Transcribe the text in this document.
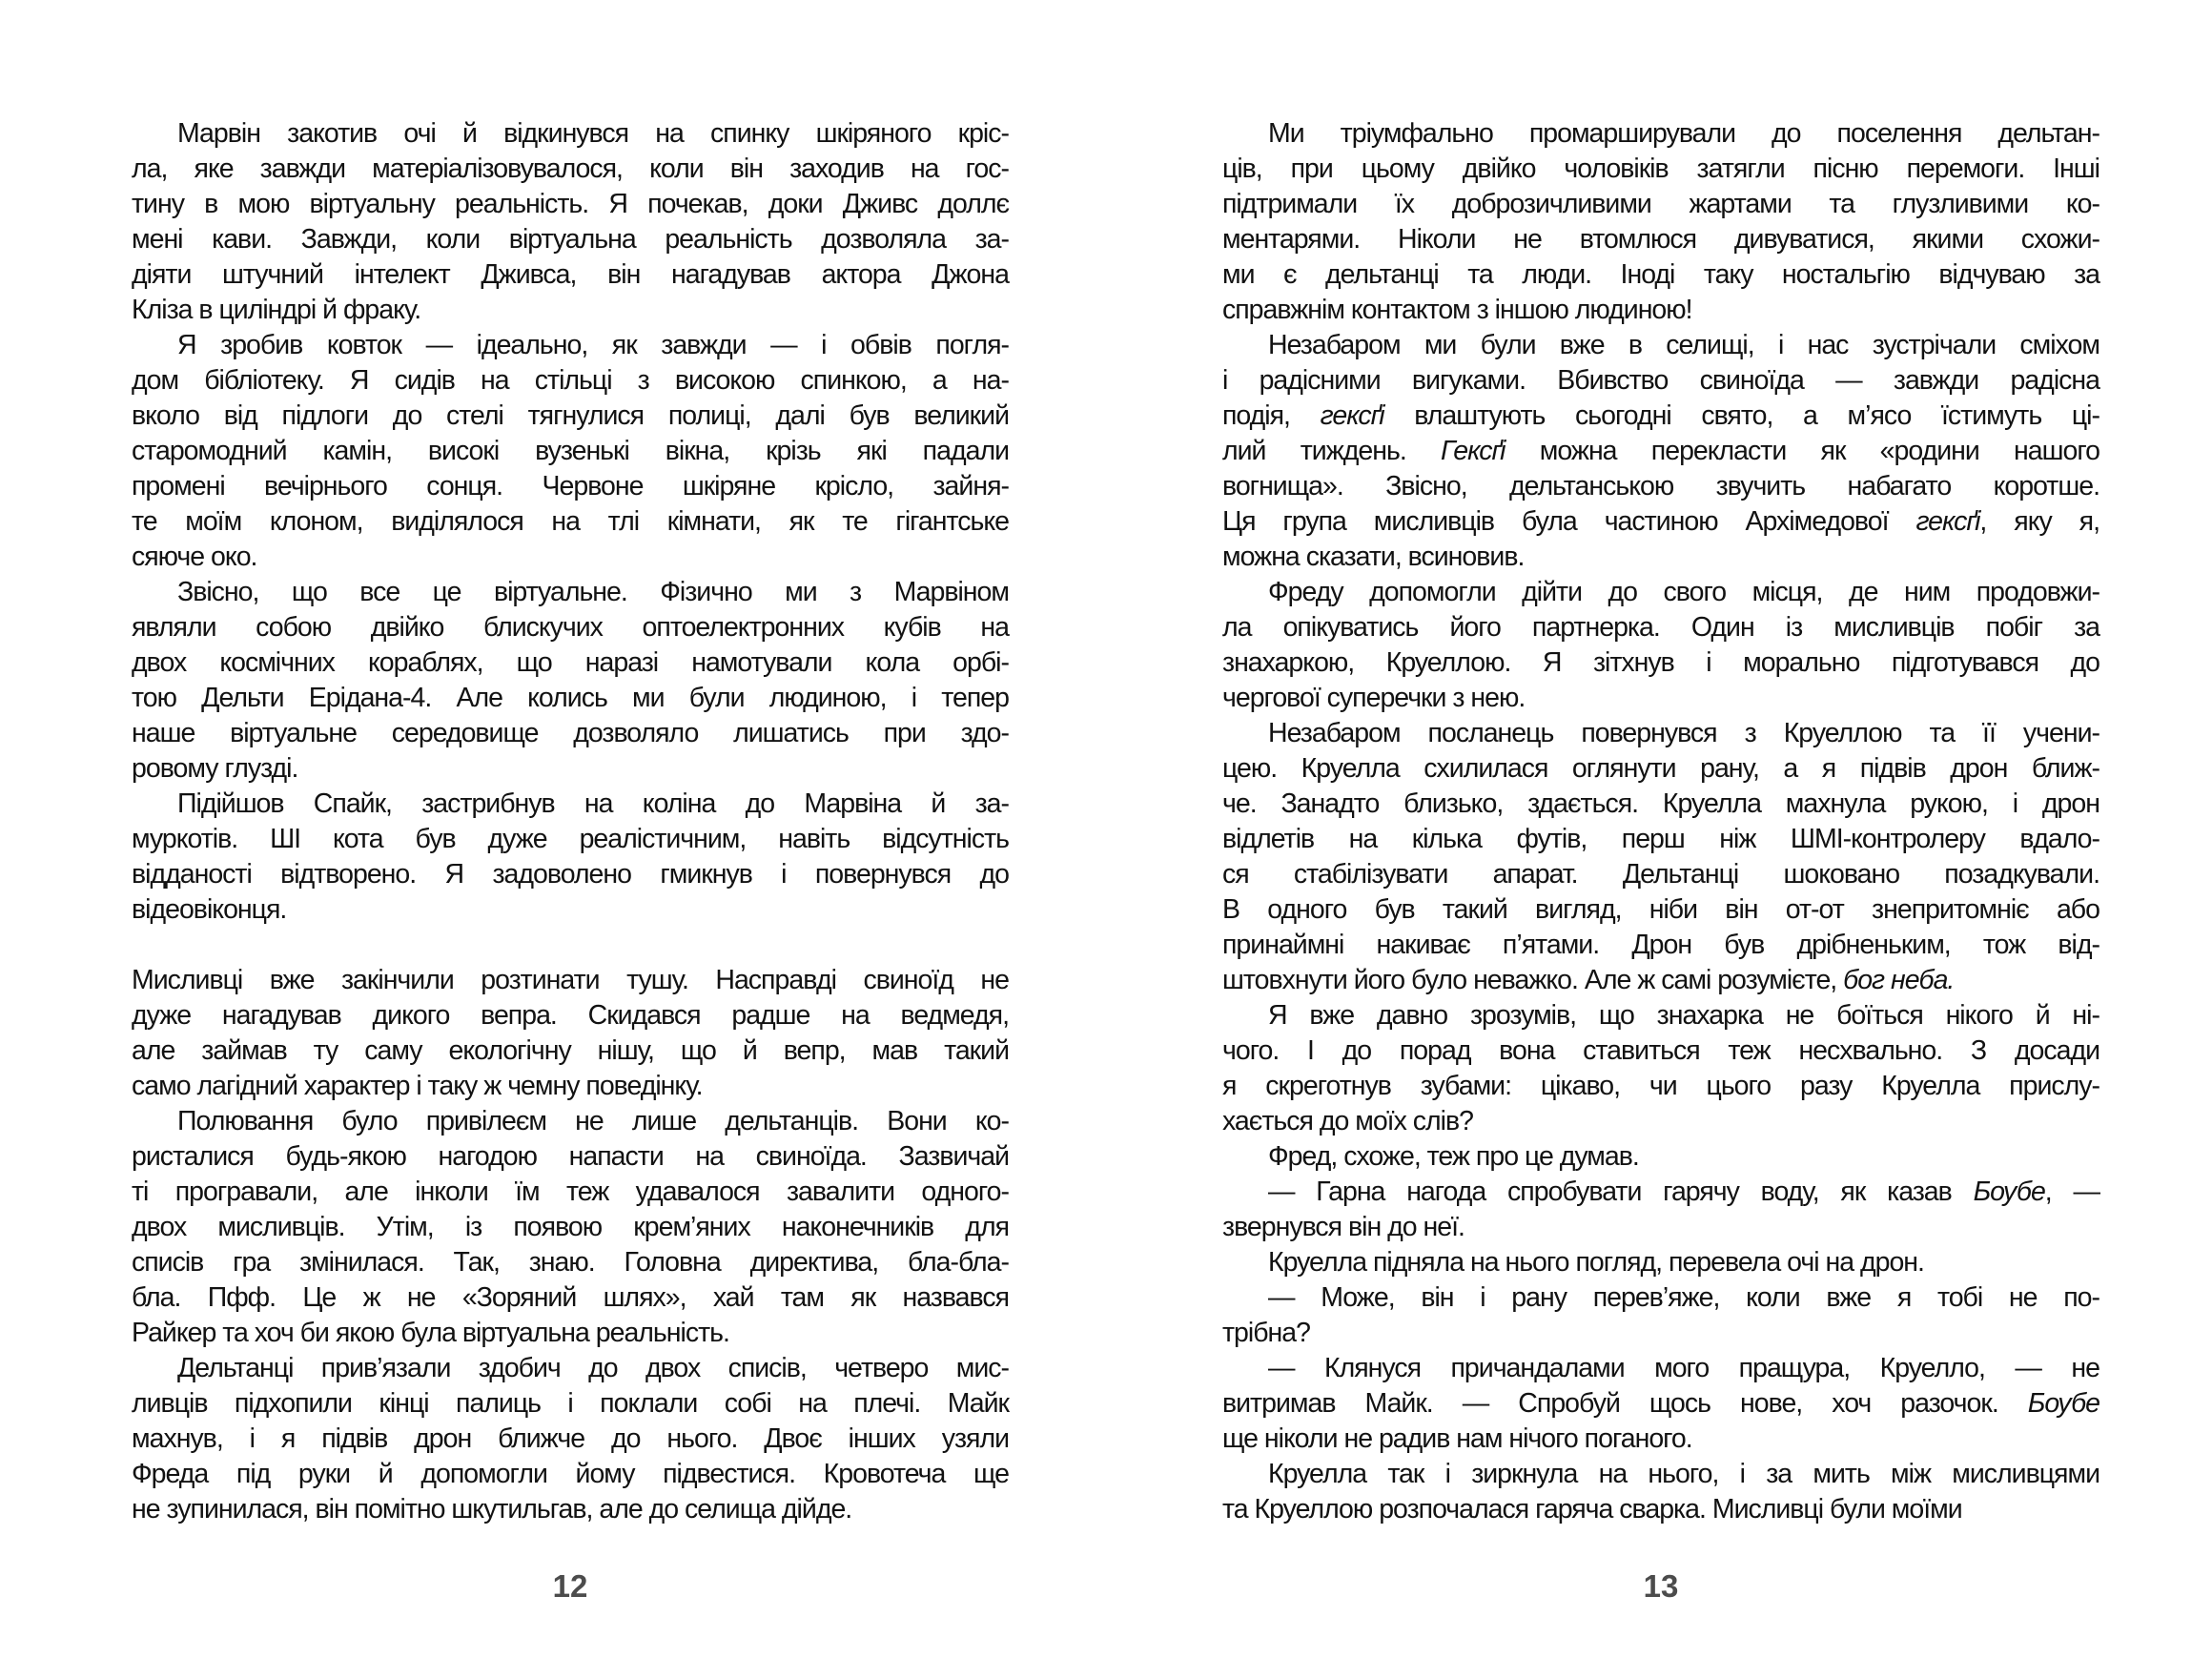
Марвін закотив очі й відкинувся на спинку шкіряного кріс-
ла, яке завжди матеріалізовувалося, коли він заходив на гос-
тину в мою віртуальну реальність. Я почекав, доки Дживс доллє
мені кави. Завжди, коли віртуальна реальність дозволяла за-
діяти штучний інтелект Дживса, він нагадував актора Джона
Кліза в циліндрі й фраку.
Я зробив ковток — ідеально, як завжди — і обвів погля-
дом бібліотеку. Я сидів на стільці з високою спинкою, а на-
вколо від підлоги до стелі тягнулися полиці, далі був великий
старомодний камін, високі вузенькі вікна, крізь які падали
промені вечірнього сонця. Червоне шкіряне крісло, зайня-
те моїм клоном, виділялося на тлі кімнати, як те гігантське
сяюче око.
Звісно, що все це віртуальне. Фізично ми з Марвіном
являли собою двійко блискучих оптоелектронних кубів на
двох космічних кораблях, що наразі намотували кола орбі-
тою Дельти Ерідана-4. Але колись ми були людиною, і тепер
наше віртуальне середовище дозволяло лишатись при здо-
ровому глузді.
Підійшов Спайк, застрибнув на коліна до Марвіна й за-
муркотів. ШІ кота був дуже реалістичним, навіть відсутність
відданості відтворено. Я задоволено гмикнув і повернувся до
відеовіконця.
Мисливці вже закінчили розтинати тушу. Насправді свиноїд не
дуже нагадував дикого вепра. Скидався радше на ведмедя,
але займав ту саму екологічну нішу, що й вепр, мав такий
само лагідний характер і таку ж чемну поведінку.
Полювання було привілеєм не лише дельтанців. Вони ко-
ристалися будь-якою нагодою напасти на свиноїда. Зазвичай
ті програвали, але інколи їм теж удавалося завалити одного-
двох мисливців. Утім, із появою крем’яних наконечників для
списів гра змінилася. Так, знаю. Головна директива, бла-бла-
бла. Пфф. Це ж не «Зоряний шлях», хай там як назвався
Райкер та хоч би якою була віртуальна реальність.
Дельтанці прив’язали здобич до двох списів, четверо мис-
ливців підхопили кінці палиць і поклали собі на плечі. Майк
махнув, і я підвів дрон ближче до нього. Двоє інших узяли
Фреда під руки й допомогли йому підвестися. Кровотеча ще
не зупинилася, він помітно шкутильгав, але до селища дійде.
Ми тріумфально промарширували до поселення дельтан-
ців, при цьому двійко чоловіків затягли пісню перемоги. Інші
підтримали їх доброзичливими жартами та глузливими ко-
ментарями. Ніколи не втомлюся дивуватися, якими схожи-
ми є дельтанці та люди. Іноді таку ностальгію відчуваю за
справжнім контактом з іншою людиною!
Незабаром ми були вже в селищі, і нас зустрічали сміхом
і радісними вигуками. Вбивство свиноїда — завжди радісна
подія, гексґі влаштують сьогодні свято, а м’ясо їстимуть ці-
лий тиждень. Гексґі можна перекласти як «родини нашого
вогнища». Звісно, дельтанською звучить набагато коротше.
Ця група мисливців була частиною Архімедової гексґі, яку я,
можна сказати, всиновив.
Фреду допомогли дійти до свого місця, де ним продовжи-
ла опікуватись його партнерка. Один із мисливців побіг за
знахаркою, Круеллою. Я зітхнув і морально підготувався до
чергової суперечки з нею.
Незабаром посланець повернувся з Круеллою та її учени-
цею. Круелла схилилася оглянути рану, а я підвів дрон ближ-
че. Занадто близько, здається. Круелла махнула рукою, і дрон
відлетів на кілька футів, перш ніж ШМІ-контролеру вдало-
ся стабілізувати апарат. Дельтанці шоковано позадкували.
В одного був такий вигляд, ніби він от-от знепритомніє або
принаймні накиває п’ятами. Дрон був дрібненьким, тож від-
штовхнути його було неважко. Але ж самі розумієте, бог неба.
Я вже давно зрозумів, що знахарка не боїться нікого й ні-
чого. І до порад вона ставиться теж несхвально. З досади
я скреготнув зубами: цікаво, чи цього разу Круелла прислу-
хається до моїх слів?
Фред, схоже, теж про це думав.
— Гарна нагода спробувати гарячу воду, як казав Боубе, —
звернувся він до неї.
Круелла підняла на нього погляд, перевела очі на дрон.
— Може, він і рану перев’яже, коли вже я тобі не по-
трібна?
— Клянуся причандалами мого пращура, Круелло, — не
витримав Майк. — Спробуй щось нове, хоч разочок. Боубе
ще ніколи не радив нам нічого поганого.
Круелла так і зиркнула на нього, і за мить між мисливцями
та Круеллою розпочалася гаряча сварка. Мисливці були моїми
12	13
